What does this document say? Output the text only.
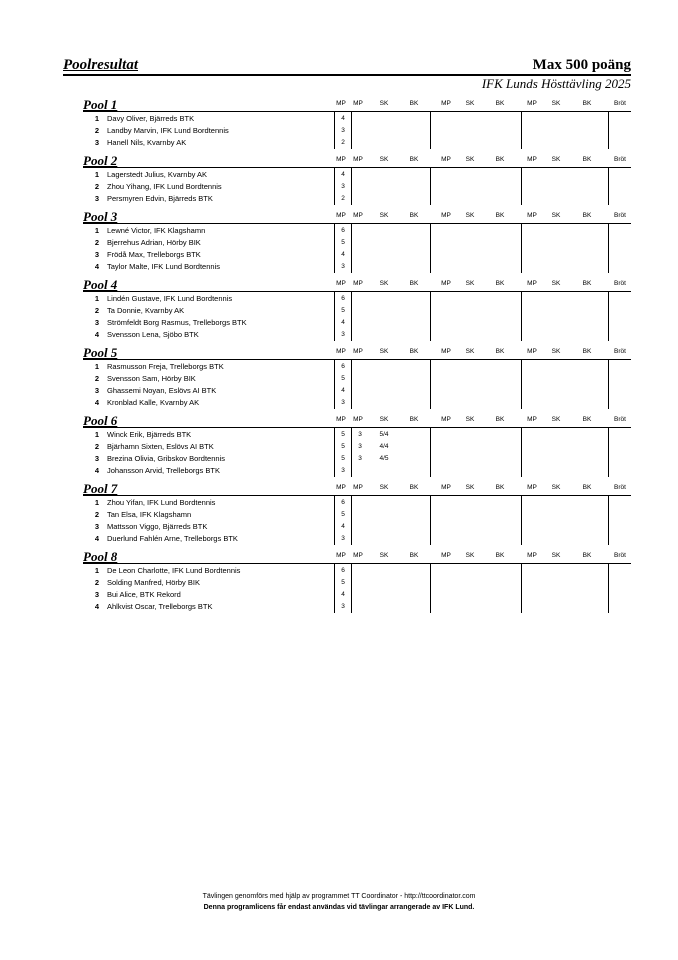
Poolresultat	Max 500 poäng
IFK Lunds Hösttävling 2025
Pool 1	MP	MP	SK	BK	MP	SK	BK	MP	SK	BK	Bröt
1 Davy Oliver, Bjärreds BTK	4
2 Landby Marvin, IFK Lund Bordtennis	3
3 Hanell Nils, Kvarnby AK	2
Pool 2	MP	MP	SK	BK	MP	SK	BK	MP	SK	BK	Bröt
1 Lagerstedt Julius, Kvarnby AK	4
2 Zhou Yihang, IFK Lund Bordtennis	3
3 Persmyren Edvin, Bjärreds BTK	2
Pool 3	MP	MP	SK	BK	MP	SK	BK	MP	SK	BK	Bröt
1 Lewné Victor, IFK Klagshamn	6
2 Bjerrehus Adrian, Hörby BIK	5
3 Frödå Max, Trelleborgs BTK	4
4 Taylor Malte, IFK Lund Bordtennis	3
Pool 4	MP	MP	SK	BK	MP	SK	BK	MP	SK	BK	Bröt
1 Lindén Gustave, IFK Lund Bordtennis	6
2 Ta Donnie, Kvarnby AK	5
3 Strömfeldt Borg Rasmus, Trelleborgs BTK	4
4 Svensson Lena, Sjöbo BTK	3
Pool 5	MP	MP	SK	BK	MP	SK	BK	MP	SK	BK	Bröt
1 Rasmusson Freja, Trelleborgs BTK	6
2 Svensson Sam, Hörby BIK	5
3 Ghassemi Noyan, Eslövs AI BTK	4
4 Kronblad Kalle, Kvarnby AK	3
Pool 6	MP	MP	SK	BK	MP	SK	BK	MP	SK	BK	Bröt
1 Winck Erik, Bjärreds BTK	5	3	5/4
2 Bjärhamn Sixten, Eslövs AI BTK	5	3	4/4
3 Brezina Olivia, Gribskov Bordtennis	5	3	4/5
4 Johansson Arvid, Trelleborgs BTK	3
Pool 7	MP	MP	SK	BK	MP	SK	BK	MP	SK	BK	Bröt
1 Zhou Yifan, IFK Lund Bordtennis	6
2 Tan Elsa, IFK Klagshamn	5
3 Mattsson Viggo, Bjärreds BTK	4
4 Duerlund Fahlén Arne, Trelleborgs BTK	3
Pool 8	MP	MP	SK	BK	MP	SK	BK	MP	SK	BK	Bröt
1 De Leon Charlotte, IFK Lund Bordtennis	6
2 Solding Manfred, Hörby BIK	5
3 Bui Alice, BTK Rekord	4
4 Ahlkvist Oscar, Trelleborgs BTK	3
Tävlingen genomförs med hjälp av programmet TT Coordinator - http://ttcoordinator.com
Denna programlicens får endast användas vid tävlingar arrangerade av IFK Lund.
